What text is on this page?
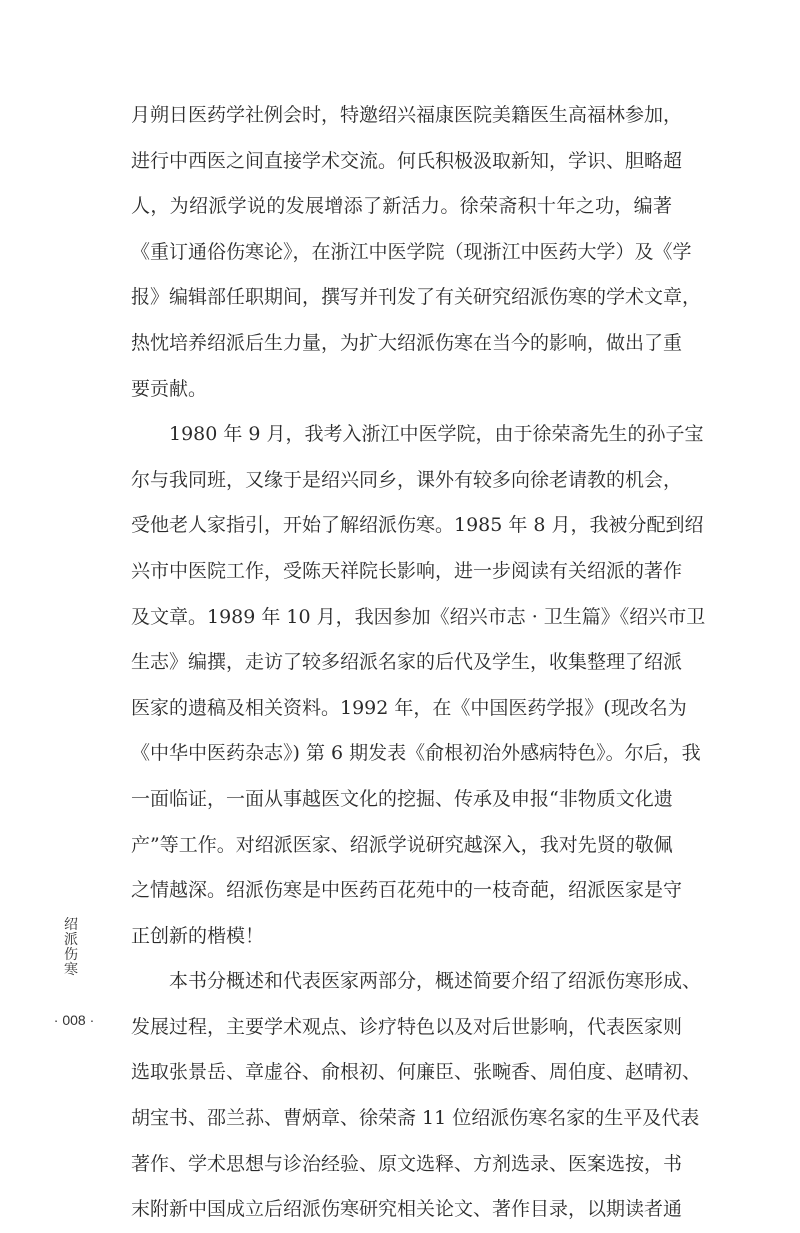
月朔日医药学社例会时，特邀绍兴福康医院美籍医生高福林参加，
进行中西医之间直接学术交流。何氏积极汲取新知，学识、胆略超
人，为绍派学说的发展增添了新活力。徐荣斋积十年之功，编著
《重订通俗伤寒论》，在浙江中医学院（现浙江中医药大学）及《学
报》编辑部任职期间，撰写并刊发了有关研究绍派伤寒的学术文章，
热忱培养绍派后生力量，为扩大绍派伤寒在当今的影响，做出了重
要贡献。
1980 年 9 月，我考入浙江中医学院，由于徐荣斋先生的孙子宝
尔与我同班，又缘于是绍兴同乡，课外有较多向徐老请教的机会，
受他老人家指引，开始了解绍派伤寒。1985 年 8 月，我被分配到绍
兴市中医院工作，受陈天祥院长影响，进一步阅读有关绍派的著作
及文章。1989 年 10 月，我因参加《绍兴市志 · 卫生篇》《绍兴市卫
生志》编撰，走访了较多绍派名家的后代及学生，收集整理了绍派
医家的遗稿及相关资料。1992 年，在《中国医药学报》(现改名为
《中华中医药杂志》) 第 6 期发表《俞根初治外感病特色》。尔后，我
一面临证，一面从事越医文化的挖掘、传承及申报“非物质文化遗
产”等工作。对绍派医家、绍派学说研究越深入，我对先贤的敬佩
之情越深。绍派伤寒是中医药百花苑中的一枝奇葩，绍派医家是守
正创新的楷模！
本书分概述和代表医家两部分，概述简要介绍了绍派伤寒形成、
发展过程，主要学术观点、诊疗特色以及对后世影响，代表医家则
选取张景岳、章虚谷、俞根初、何廉臣、张畹香、周伯度、赵晴初、
胡宝书、邵兰荪、曹炳章、徐荣斋 11 位绍派伤寒名家的生平及代表
著作、学术思想与诊治经验、原文选释、方剂选录、医案选按，书
末附新中国成立后绍派伤寒研究相关论文、著作目录，以期读者通
绍
派
伤
寒
· 008 ·
